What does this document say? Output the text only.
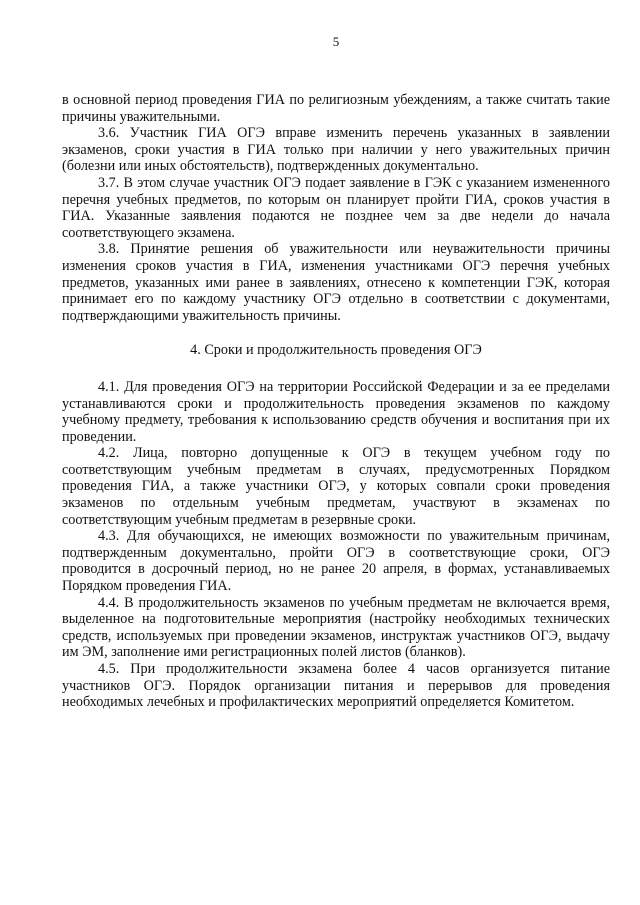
5

в основной период проведения ГИА по религиозным убеждениям, а также считать такие причины уважительными.

3.6. Участник ГИА ОГЭ вправе изменить перечень указанных в заявлении экзаменов, сроки участия в ГИА только при наличии у него уважительных причин (болезни или иных обстоятельств), подтвержденных документально.

3.7. В этом случае участник ОГЭ подает заявление в ГЭК с указанием измененного перечня учебных предметов, по которым он планирует пройти ГИА, сроков участия в ГИА. Указанные заявления подаются не позднее чем за две недели до начала соответствующего экзамена.

3.8. Принятие решения об уважительности или неуважительности причины изменения сроков участия в ГИА, изменения участниками ОГЭ перечня учебных предметов, указанных ими ранее в заявлениях, отнесено к компетенции ГЭК, которая принимает его по каждому участнику ОГЭ отдельно в соответствии с документами, подтверждающими уважительность причины.

4. Сроки и продолжительность проведения ОГЭ

4.1. Для проведения ОГЭ на территории Российской Федерации и за ее пределами устанавливаются сроки и продолжительность проведения экзаменов по каждому учебному предмету, требования к использованию средств обучения и воспитания при их проведении.

4.2. Лица, повторно допущенные к ОГЭ в текущем учебном году по соответствующим учебным предметам в случаях, предусмотренных Порядком проведения ГИА, а также участники ОГЭ, у которых совпали сроки проведения экзаменов по отдельным учебным предметам, участвуют в экзаменах по соответствующим учебным предметам в резервные сроки.

4.3. Для обучающихся, не имеющих возможности по уважительным причинам, подтвержденным документально, пройти ОГЭ в соответствующие сроки, ОГЭ проводится в досрочный период, но не ранее 20 апреля, в формах, устанавливаемых Порядком проведения ГИА.

4.4. В продолжительность экзаменов по учебным предметам не включается время, выделенное на подготовительные мероприятия (настройку необходимых технических средств, используемых при проведении экзаменов, инструктаж участников ОГЭ, выдачу им ЭМ, заполнение ими регистрационных полей листов (бланков).

4.5. При продолжительности экзамена более 4 часов организуется питание участников ОГЭ. Порядок организации питания и перерывов для проведения необходимых лечебных и профилактических мероприятий определяется Комитетом.
